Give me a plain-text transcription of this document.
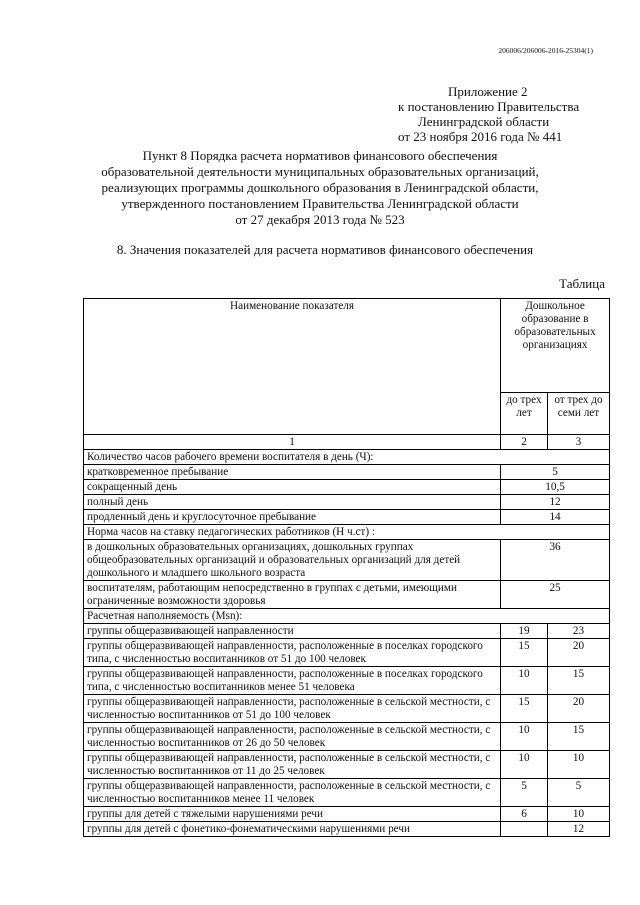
206006/206006-2016-25304(1)
Приложение 2
к постановлению Правительства
Ленинградской области
от 23 ноября 2016 года № 441
Пункт 8 Порядка расчета нормативов финансового обеспечения
образовательной деятельности муниципальных образовательных организаций,
реализующих программы дошкольного образования в Ленинградской области,
утвержденного постановлением Правительства Ленинградской области
от 27 декабря 2013 года № 523
8. Значения показателей для расчета нормативов финансового обеспечения
Таблица
Наименование показателя	Дошкольное образование в образовательных организациях	
	до трех лет	от трех до семи лет
1	2	3
Количество часов рабочего времени воспитателя в день (Ч):		
кратковременное пребывание	5	
сокращенный день	10,5	
полный день	12	
продленный день и круглосуточное пребывание	14	
Норма часов на ставку педагогических работников (Н ч.ст) :		
в дошкольных образовательных организациях, дошкольных группах общеобразовательных организаций и образовательных организаций для детей дошкольного и младшего школьного возраста	36	
воспитателям, работающим непосредственно в группах с детьми, имеющими ограниченные возможности здоровья	25	
Расчетная наполняемость (Msn):		
группы общеразвивающей направленности	19	23
группы общеразвивающей направленности, расположенные в поселках городского типа, с численностью воспитанников от 51 до 100 человек	15	20
группы общеразвивающей направленности, расположенные в поселках городского типа, с численностью воспитанников менее 51 человека	10	15
группы общеразвивающей направленности, расположенные в сельской местности, с численностью воспитанников от 51 до 100 человек	15	20
группы общеразвивающей направленности, расположенные в сельской местности, с численностью воспитанников от 26 до 50 человек	10	15
группы общеразвивающей направленности, расположенные в сельской местности, с численностью воспитанников от 11 до 25 человек	10	10
группы общеразвивающей направленности, расположенные в сельской местности, с численностью воспитанников менее 11 человек	5	5
группы для детей с тяжелыми нарушениями речи	6	10
группы для детей с фонетико-фонематическими нарушениями речи		12
